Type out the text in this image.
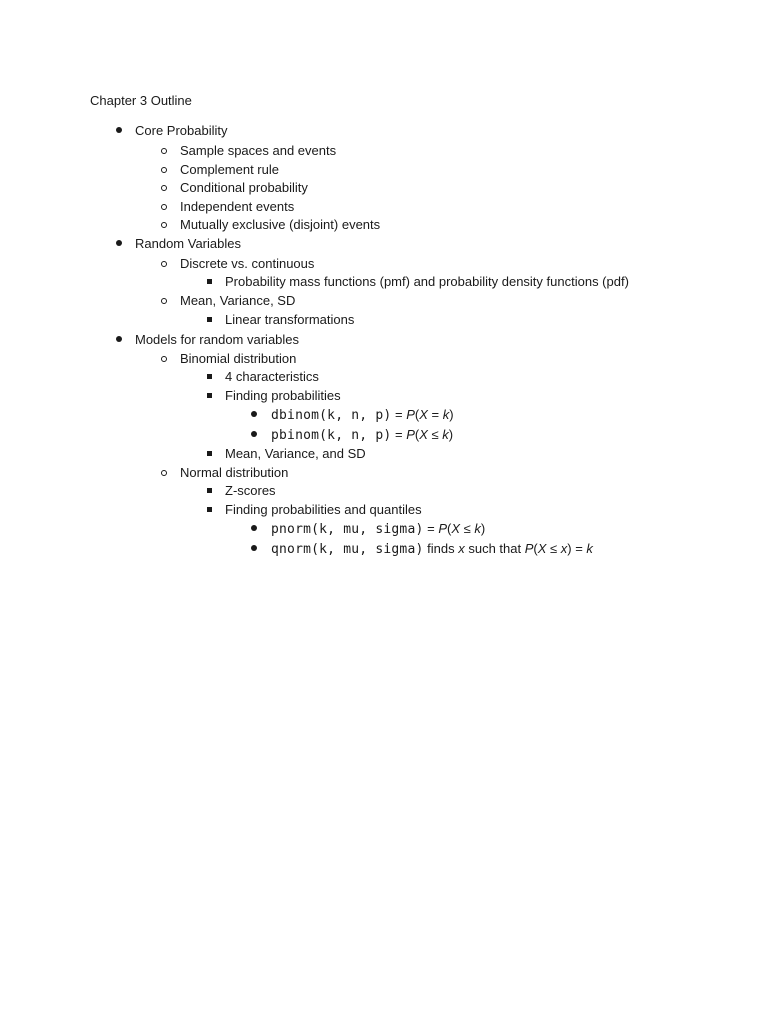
Chapter 3 Outline
Core Probability
Sample spaces and events
Complement rule
Conditional probability
Independent events
Mutually exclusive (disjoint) events
Random Variables
Discrete vs. continuous
Probability mass functions (pmf) and probability density functions (pdf)
Mean, Variance, SD
Linear transformations
Models for random variables
Binomial distribution
4 characteristics
Finding probabilities
dbinom(k, n, p) = P(X = k)
pbinom(k, n, p) = P(X ≤ k)
Mean, Variance, and SD
Normal distribution
Z-scores
Finding probabilities and quantiles
pnorm(k, mu, sigma) = P(X ≤ k)
qnorm(k, mu, sigma) finds x such that P(X ≤ x) = k
